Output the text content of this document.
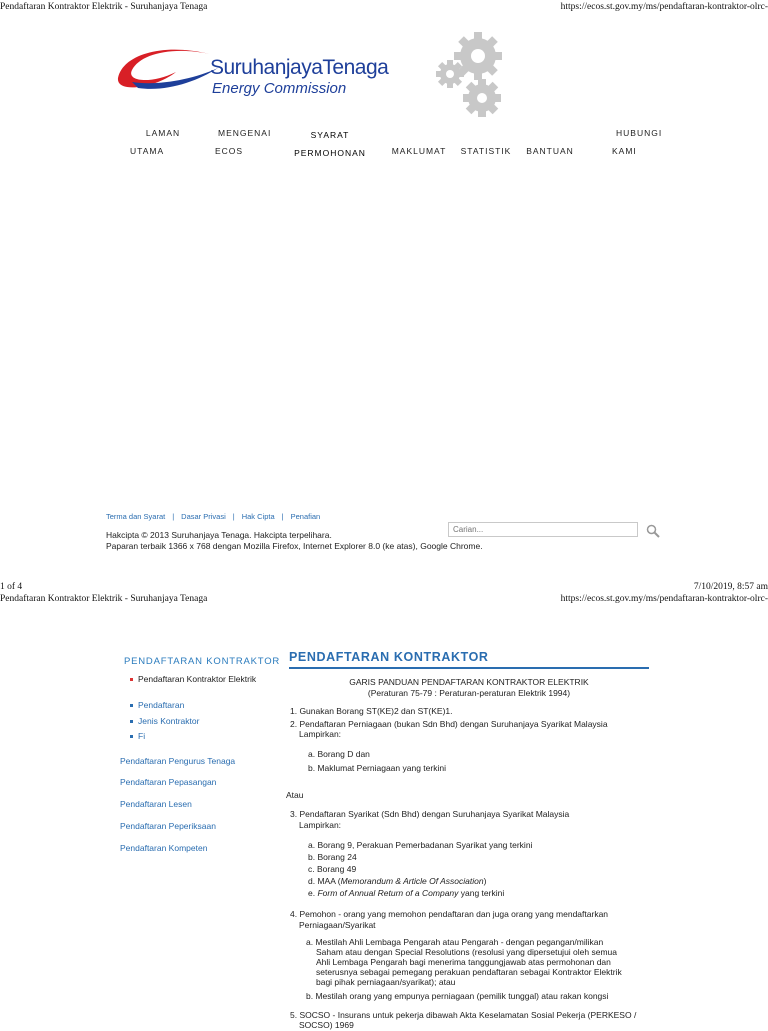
Pendaftaran Kontraktor Elektrik - Suruhanjaya Tenaga	https://ecos.st.gov.my/ms/pendaftaran-kontraktor-olrc-
SuruhanjayaTenaga
Energy Commission
LAMAN
UTAMA
MENGENAI
ECOS
SYARAT
PERMOHONAN
	MAKLUMAT
	STATISTIK
	BANTUAN
HUBUNGI
KAMI
Terma dan Syarat | Dasar Privasi | Hak Cipta | Penafian
Hakcipta © 2013 Suruhanjaya Tenaga. Hakcipta terpelihara.
Paparan terbaik 1366 x 768 dengan Mozilla Firefox, Internet Explorer 8.0 (ke atas), Google Chrome.
Carian...
1 of 4	7/10/2019, 8:57 am
Pendaftaran Kontraktor Elektrik - Suruhanjaya Tenaga	https://ecos.st.gov.my/ms/pendaftaran-kontraktor-olrc-
PENDAFTARAN KONTRAKTOR
Pendaftaran Kontraktor Elektrik
Pendaftaran
Jenis Kontraktor
Fi
Pendaftaran Pengurus Tenaga
Pendaftaran Pepasangan
Pendaftaran Lesen
Pendaftaran Peperiksaan
Pendaftaran Kompeten
PENDAFTARAN KONTRAKTOR
GARIS PANDUAN PENDAFTARAN KONTRAKTOR ELEKTRIK
(Peraturan 75-79 : Peraturan-peraturan Elektrik 1994)
1. Gunakan Borang ST(KE)2 dan ST(KE)1.
2. Pendaftaran Perniagaan (bukan Sdn Bhd) dengan Suruhanjaya Syarikat Malaysia
Lampirkan:
a. Borang D dan
b. Maklumat Perniagaan yang terkini
Atau
3. Pendaftaran Syarikat (Sdn Bhd) dengan Suruhanjaya Syarikat Malaysia
Lampirkan:
a. Borang 9, Perakuan Pemerbadanan Syarikat yang terkini
b. Borang 24
c. Borang 49
d. MAA (Memorandum & Article Of Association)
e. Form of Annual Return of a Company yang terkini
4. Pemohon - orang yang memohon pendaftaran dan juga orang yang mendaftarkan
Perniagaan/Syarikat
a. Mestilah Ahli Lembaga Pengarah atau Pengarah - dengan pegangan/milikan
Saham atau dengan Special Resolutions (resolusi yang dipersetujui oleh semua
Ahli Lembaga Pengarah bagi menerima tanggungjawab atas permohonan dan
seterusnya sebagai pemegang perakuan pendaftaran sebagai Kontraktor Elektrik
bagi pihak perniagaan/syarikat); atau
b. Mestilah orang yang empunya perniagaan (pemilik tunggal) atau rakan kongsi
5. SOCSO - Insurans untuk pekerja dibawah Akta Keselamatan Sosial Pekerja (PERKESO /
SOCSO) 1969
